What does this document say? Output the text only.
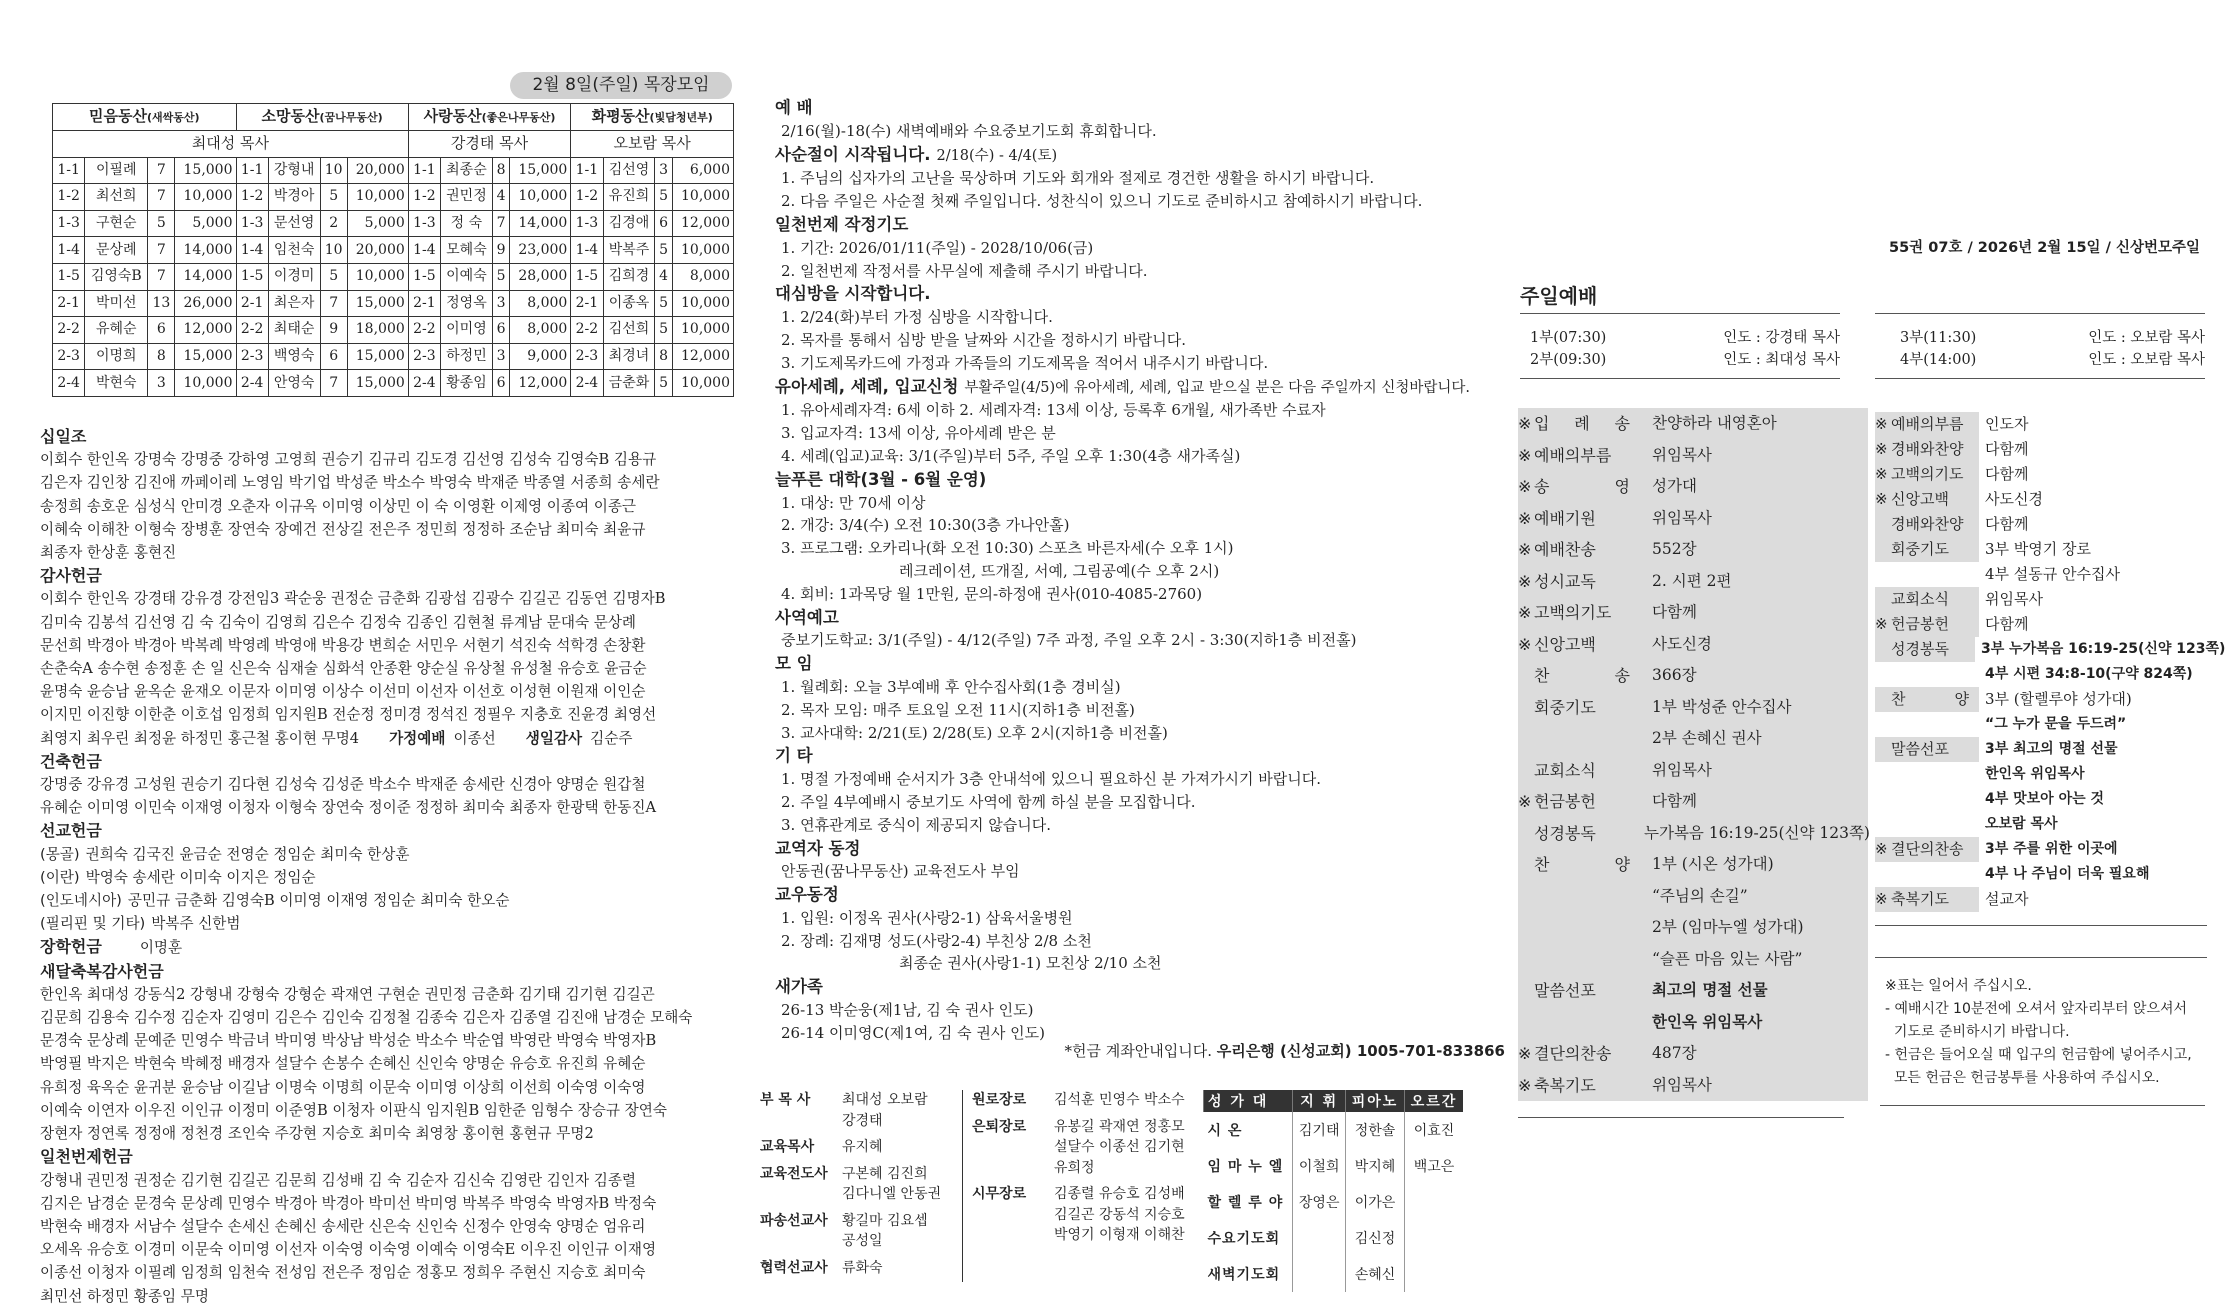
2월 8일(주일) 목장모임
믿음동산(새싹동산)				소망동산(꿈나무동산)				사랑동산(좋은나무동산)				화평동산(빛담청년부)			
최대성 목사								강경태 목사				오보람 목사			
1-1	이필례	7	15,000	1-1	강형내	10	20,000	1-1	최종순	8	15,000	1-1	김선영	3	6,000
1-2	최선희	7	10,000	1-2	박경아	5	10,000	1-2	권민정	4	10,000	1-2	유진희	5	10,000
1-3	구현순	5	5,000	1-3	문선영	2	5,000	1-3	정 숙	7	14,000	1-3	김경애	6	12,000
1-4	문상례	7	14,000	1-4	임천숙	10	20,000	1-4	모혜숙	9	23,000	1-4	박복주	5	10,000
1-5	김영숙B	7	14,000	1-5	이경미	5	10,000	1-5	이예숙	5	28,000	1-5	김희경	4	8,000
2-1	박미선	13	26,000	2-1	최은자	7	15,000	2-1	정영옥	3	8,000	2-1	이종옥	5	10,000
2-2	유혜순	6	12,000	2-2	최태순	9	18,000	2-2	이미영	6	8,000	2-2	김선희	5	10,000
2-3	이명희	8	15,000	2-3	백영숙	6	15,000	2-3	하정민	3	9,000	2-3	최경녀	8	12,000
2-4	박현숙	3	10,000	2-4	안영숙	7	15,000	2-4	황종임	6	12,000	2-4	금춘화	5	10,000
십일조
이회수 한인옥 강명숙 강명중 강하영 고영희 권승기 김규리 김도경 김선영 김성숙 김영숙B 김용규
김은자 김인창 김진애 까페이레 노영임 박기업 박성준 박소수 박영숙 박재준 박종열 서종희 송세란
송정희 송호운 심성식 안미경 오춘자 이규옥 이미영 이상민 이 숙 이영환 이제영 이종여 이종근
이혜숙 이해찬 이형숙 장병훈 장연숙 장예건 전상길 전은주 정민희 정정하 조순남 최미숙 최윤규
최종자 한상훈 홍현진
감사헌금
이회수 한인옥 강경태 강유경 강전임3 곽순웅 권정순 금춘화 김광섭 김광수 김길곤 김동연 김명자B
김미숙 김봉석 김선영 김 숙 김숙이 김영희 김은수 김정숙 김종인 김현철 류계남 문대숙 문상례
문선희 박경아 박경아 박복례 박영례 박영애 박용강 변희순 서민우 서현기 석진숙 석학경 손창환
손춘숙A 송수현 송정훈 손 일 신은숙 심재술 심화석 안종환 양순실 유상철 유성철 유승호 윤금순
윤명숙 윤승남 윤옥순 윤재오 이문자 이미영 이상수 이선미 이선자 이선호 이성현 이원재 이인순
이지민 이진향 이한춘 이호섭 임정희 임지원B 전순정 정미경 정석진 정필우 지충호 진윤경 최영선
최영지 최우린 최정윤 하정민 홍근철 홍이현 무명4 가정예배 이종선 생일감사 김순주
건축헌금
강명중 강유경 고성원 권승기 김다현 김성숙 김성준 박소수 박재준 송세란 신경아 양명순 원갑철
유혜순 이미영 이민숙 이재영 이청자 이형숙 장연숙 정이준 정정하 최미숙 최종자 한광택 한동진A
선교헌금
(몽골) 권희숙 김국진 윤금순 전영순 정임순 최미숙 한상훈
(이란) 박영숙 송세란 이미숙 이지은 정임순
(인도네시아) 공민규 금춘화 김영숙B 이미영 이재영 정임순 최미숙 한오순
(필리핀 및 기타) 박복주 신한범
장학헌금	이명훈
새달축복감사헌금
한인옥 최대성 강동식2 강형내 강형숙 강형순 곽재연 구현순 권민정 금춘화 김기태 김기현 김길곤
김문희 김용숙 김수정 김순자 김영미 김은수 김인숙 김정철 김종숙 김은자 김종열 김진애 남경순 모해숙
문경숙 문상례 문예준 민영수 박금녀 박미영 박상남 박성순 박소수 박순엽 박영란 박영숙 박영자B
박영필 박지은 박현숙 박혜정 배경자 설달수 손봉수 손혜신 신인숙 양명순 유승호 유진희 유혜순
유희정 육옥순 윤귀분 윤승남 이길남 이명숙 이명희 이문숙 이미영 이상희 이선희 이숙영 이숙영
이예숙 이연자 이우진 이인규 이정미 이준영B 이청자 이판식 임지원B 임한준 임형수 장승규 장연숙
장현자 정연록 정정애 정천경 조인숙 주강현 지승호 최미숙 최영창 홍이현 홍현규 무명2
일천번제헌금
강형내 권민정 권정순 김기현 김길곤 김문희 김성배 김 숙 김순자 김신숙 김영란 김인자 김종렬
김지은 남경순 문경숙 문상례 민영수 박경아 박경아 박미선 박미영 박복주 박영숙 박영자B 박정숙
박현숙 배경자 서남수 설달수 손세신 손혜신 송세란 신은숙 신인숙 신정수 안영숙 양명순 엄유리
오세옥 유승호 이경미 이문숙 이미영 이선자 이숙영 이숙영 이예숙 이영숙E 이우진 이인규 이재영
이종선 이청자 이필례 임정희 임천숙 전성임 전은주 정임순 정홍모 정희우 주현신 지승호 최미숙
최민선 하정민 황종임 무명
예 배
2/16(월)-18(수) 새벽예배와 수요중보기도회 휴회합니다.
사순절이 시작됩니다. 2/18(수) - 4/4(토)
1. 주님의 십자가의 고난을 묵상하며 기도와 회개와 절제로 경건한 생활을 하시기 바랍니다.
2. 다음 주일은 사순절 첫째 주일입니다. 성찬식이 있으니 기도로 준비하시고 참예하시기 바랍니다.
일천번제 작정기도
1. 기간: 2026/01/11(주일) - 2028/10/06(금)
2. 일천번제 작정서를 사무실에 제출해 주시기 바랍니다.
대심방을 시작합니다.
1. 2/24(화)부터 가정 심방을 시작합니다.
2. 목자를 통해서 심방 받을 날짜와 시간을 정하시기 바랍니다.
3. 기도제목카드에 가정과 가족들의 기도제목을 적어서 내주시기 바랍니다.
유아세례, 세례, 입교신청 부활주일(4/5)에 유아세례, 세례, 입교 받으실 분은 다음 주일까지 신청바랍니다.
1. 유아세례자격: 6세 이하 2. 세례자격: 13세 이상, 등록후 6개월, 새가족반 수료자
3. 입교자격: 13세 이상, 유아세례 받은 분
4. 세례(입교)교육: 3/1(주일)부터 5주, 주일 오후 1:30(4층 새가족실)
늘푸른 대학(3월 - 6월 운영)
1. 대상: 만 70세 이상
2. 개강: 3/4(수) 오전 10:30(3층 가나안홀)
3. 프로그램: 오카리나(화 오전 10:30) 스포츠 바른자세(수 오후 1시)
레크레이션, 뜨개질, 서예, 그림공예(수 오후 2시)
4. 회비: 1과목당 월 1만원, 문의-하정애 권사(010-4085-2760)
사역예고
중보기도학교: 3/1(주일) - 4/12(주일) 7주 과정, 주일 오후 2시 - 3:30(지하1층 비전홀)
모 임
1. 월례회: 오늘 3부예배 후 안수집사회(1층 경비실)
2. 목자 모임: 매주 토요일 오전 11시(지하1층 비전홀)
3. 교사대학: 2/21(토) 2/28(토) 오후 2시(지하1층 비전홀)
기 타
1. 명절 가정예배 순서지가 3층 안내석에 있으니 필요하신 분 가져가시기 바랍니다.
2. 주일 4부예배시 중보기도 사역에 함께 하실 분을 모집합니다.
3. 연휴관계로 중식이 제공되지 않습니다.
교역자 동정
안동권(꿈나무동산) 교육전도사 부임
교우동정
1. 입원: 이정옥 권사(사랑2-1) 삼육서울병원
2. 장례: 김재명 성도(사랑2-4) 부친상 2/8 소천
최종순 권사(사랑1-1) 모친상 2/10 소천
새가족
26-13 박순웅(제1남, 김 숙 권사 인도)
26-14 이미영C(제1여, 김 숙 권사 인도)
*헌금 계좌안내입니다. 우리은행 (신성교회) 1005-701-833866
부 목 사	최대성 오보람
강경태
교육목사	유지혜
교육전도사	구본혜 김진희
김다니엘 안동권
파송선교사	황길마 김요셉
공성일
협력선교사	류화숙
원로장로	김석훈 민영수 박소수
은퇴장로	유봉길 곽재연 정홍모
설달수 이종선 김기현
유희정
시무장로	김종렬 유승호 김성배
김길곤 강동석 지승호
박영기 이형재 이해찬
성 가 대	지 휘	피아노	오르간
시 온	김기태	정한솔	이효진
임 마 누 엘	이철희	박지혜	백고은
할 렐 루 야	장영은	이가은	
수요기도회		김신정	
새벽기도회		손혜신	
55권 07호 / 2026년 2월 15일 / 신상번모주일
주일예배
1부(07:30)	인도 : 강경태 목사
2부(09:30)	인도 : 최대성 목사
3부(11:30)	인도 : 오보람 목사
4부(14:00)	인도 : 오보람 목사
※ 입 례 송	찬양하라 내영혼아
※ 예배의부름	위임목사
※ 송 영	성가대
※ 예배기원	위임목사
※ 예배찬송	552장
※ 성시교독	2. 시편 2편
※ 고백의기도	다함께
※ 신앙고백	사도신경
찬 송	366장
회중기도	1부 박성준 안수집사
2부 손혜신 권사
교회소식	위임목사
※ 헌금봉헌	다함께
성경봉독	누가복음 16:19-25(신약 123쪽)
찬 양	1부 (시온 성가대)
“주님의 손길”
2부 (임마누엘 성가대)
“슬픈 마음 있는 사람”
말씀선포	최고의 명절 선물
한인옥 위임목사
※ 결단의찬송	487장
※ 축복기도	위임목사
※ 예배의부름	인도자
※ 경배와찬양	다함께
※ 고백의기도	다함께
※ 신앙고백	사도신경
경배와찬양	다함께
회중기도	3부 박영기 장로
4부 설동규 안수집사
교회소식	위임목사
※ 헌금봉헌	다함께
성경봉독	3부 누가복음 16:19-25(신약 123쪽)
4부 시편 34:8-10(구약 824쪽)
찬 양	3부 (할렐루야 성가대)
“그 누가 문을 두드려”
말씀선포	3부 최고의 명절 선물
한인옥 위임목사
4부 맛보아 아는 것
오보람 목사
※ 결단의찬송	3부 주를 위한 이곳에
4부 나 주님이 더욱 필요해
※ 축복기도	설교자
※표는 일어서 주십시오.
- 예배시간 10분전에 오셔서 앞자리부터 앉으셔서
기도로 준비하시기 바랍니다.
- 헌금은 들어오실 때 입구의 헌금함에 넣어주시고,
모든 헌금은 헌금봉투를 사용하여 주십시오.
